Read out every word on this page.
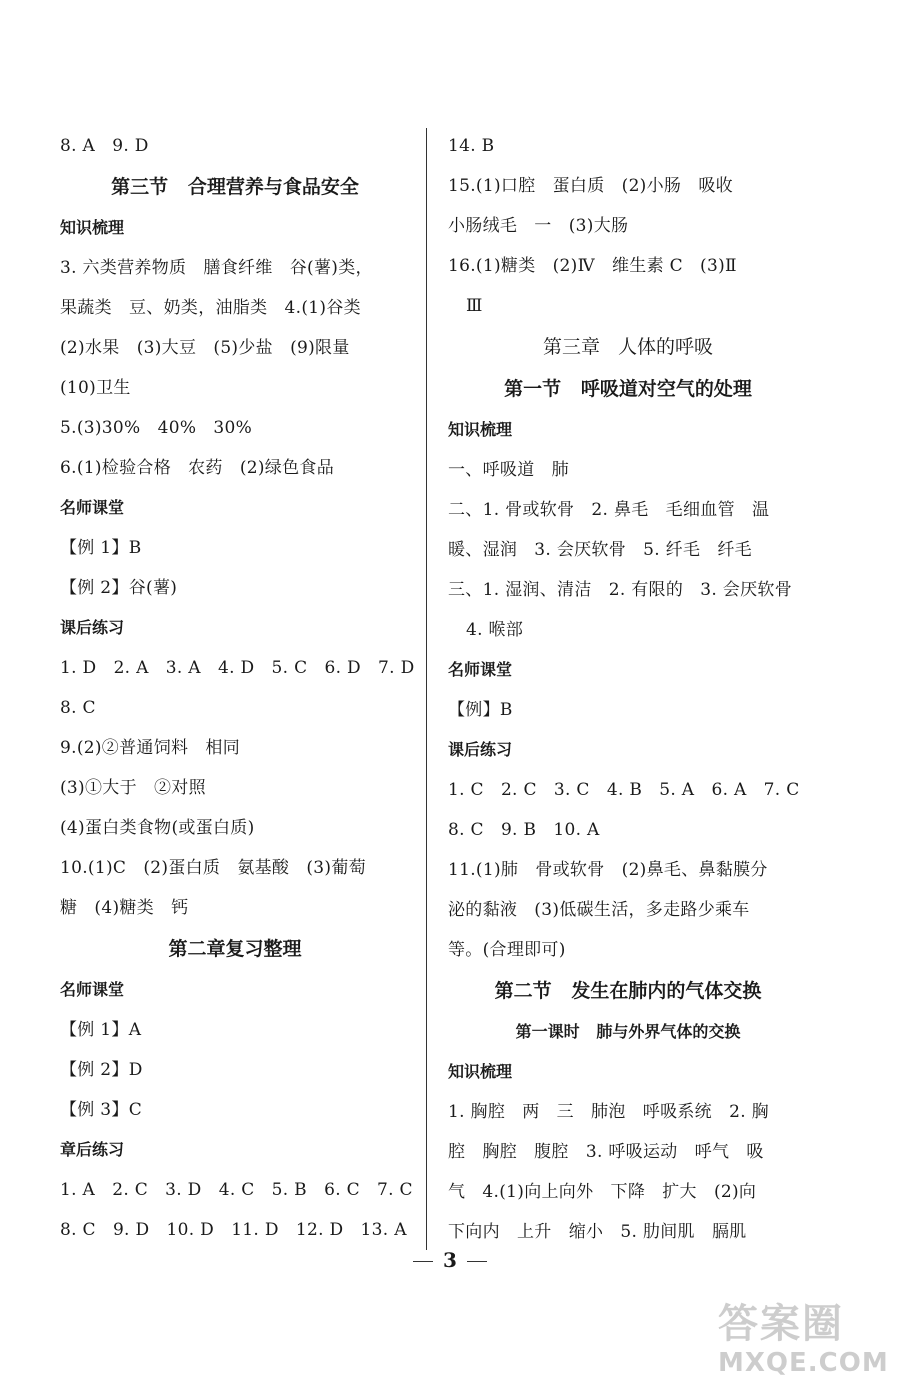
8. A   9. D
第三节   合理营养与食品安全
知识梳理
3. 六类营养物质   膳食纤维   谷(薯)类，
果蔬类   豆、奶类，油脂类   4.(1)谷类
(2)水果   (3)大豆   (5)少盐   (9)限量
(10)卫生
5.(3)30%   40%   30%
6.(1)检验合格   农药   (2)绿色食品
名师课堂
【例 1】B
【例 2】谷(薯)
课后练习
1. D   2. A   3. A   4. D   5. C   6. D   7. D
8. C
9.(2)②普通饲料   相同
(3)①大于   ②对照
(4)蛋白类食物(或蛋白质)
10.(1)C   (2)蛋白质   氨基酸   (3)葡萄
糖   (4)糖类   钙
第二章复习整理
名师课堂
【例 1】A
【例 2】D
【例 3】C
章后练习
1. A   2. C   3. D   4. C   5. B   6. C   7. C
8. C   9. D   10. D   11. D   12. D   13. A
14. B
15.(1)口腔   蛋白质   (2)小肠   吸收
小肠绒毛   一   (3)大肠
16.(1)糖类   (2)Ⅳ   维生素 C   (3)Ⅱ
Ⅲ
第三章   人体的呼吸
第一节   呼吸道对空气的处理
知识梳理
一、呼吸道   肺
二、1. 骨或软骨   2. 鼻毛   毛细血管   温
暖、湿润   3. 会厌软骨   5. 纤毛   纤毛
三、1. 湿润、清洁   2. 有限的   3. 会厌软骨
4. 喉部
名师课堂
【例】B
课后练习
1. C   2. C   3. C   4. B   5. A   6. A   7. C
8. C   9. B   10. A
11.(1)肺   骨或软骨   (2)鼻毛、鼻黏膜分
泌的黏液   (3)低碳生活，多走路少乘车
等。(合理即可)
第二节   发生在肺内的气体交换
第一课时   肺与外界气体的交换
知识梳理
1. 胸腔   两   三   肺泡   呼吸系统   2. 胸
腔   胸腔   腹腔   3. 呼吸运动   呼气   吸
气   4.(1)向上向外   下降   扩大   (2)向
下向内   上升   缩小   5. 肋间肌   膈肌
3
答案圈
MXQE.COM
